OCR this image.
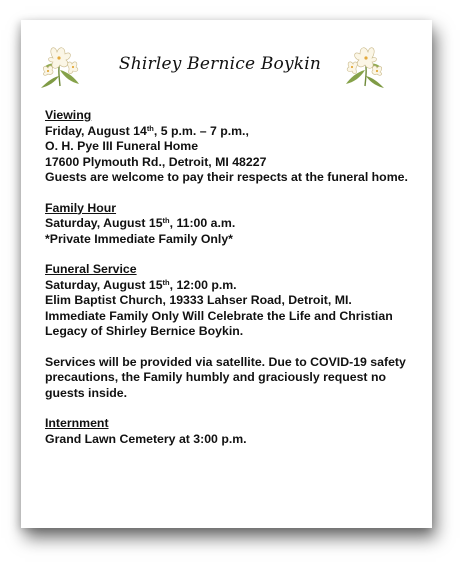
Shirley Bernice Boykin
Viewing
Friday, August 14th, 5 p.m. – 7 p.m.,
O. H. Pye III Funeral Home
17600 Plymouth Rd., Detroit, MI 48227
Guests are welcome to pay their respects at the funeral home.
Family Hour
Saturday, August 15th, 11:00 a.m.
*Private Immediate Family Only*
Funeral Service
Saturday, August 15th, 12:00 p.m.
Elim Baptist Church, 19333 Lahser Road, Detroit, MI.
Immediate Family Only Will Celebrate the Life and Christian Legacy of Shirley Bernice Boykin.
Services will be provided via satellite. Due to COVID-19 safety precautions, the Family humbly and graciously request no guests inside.
Internment
Grand Lawn Cemetery at 3:00 p.m.
